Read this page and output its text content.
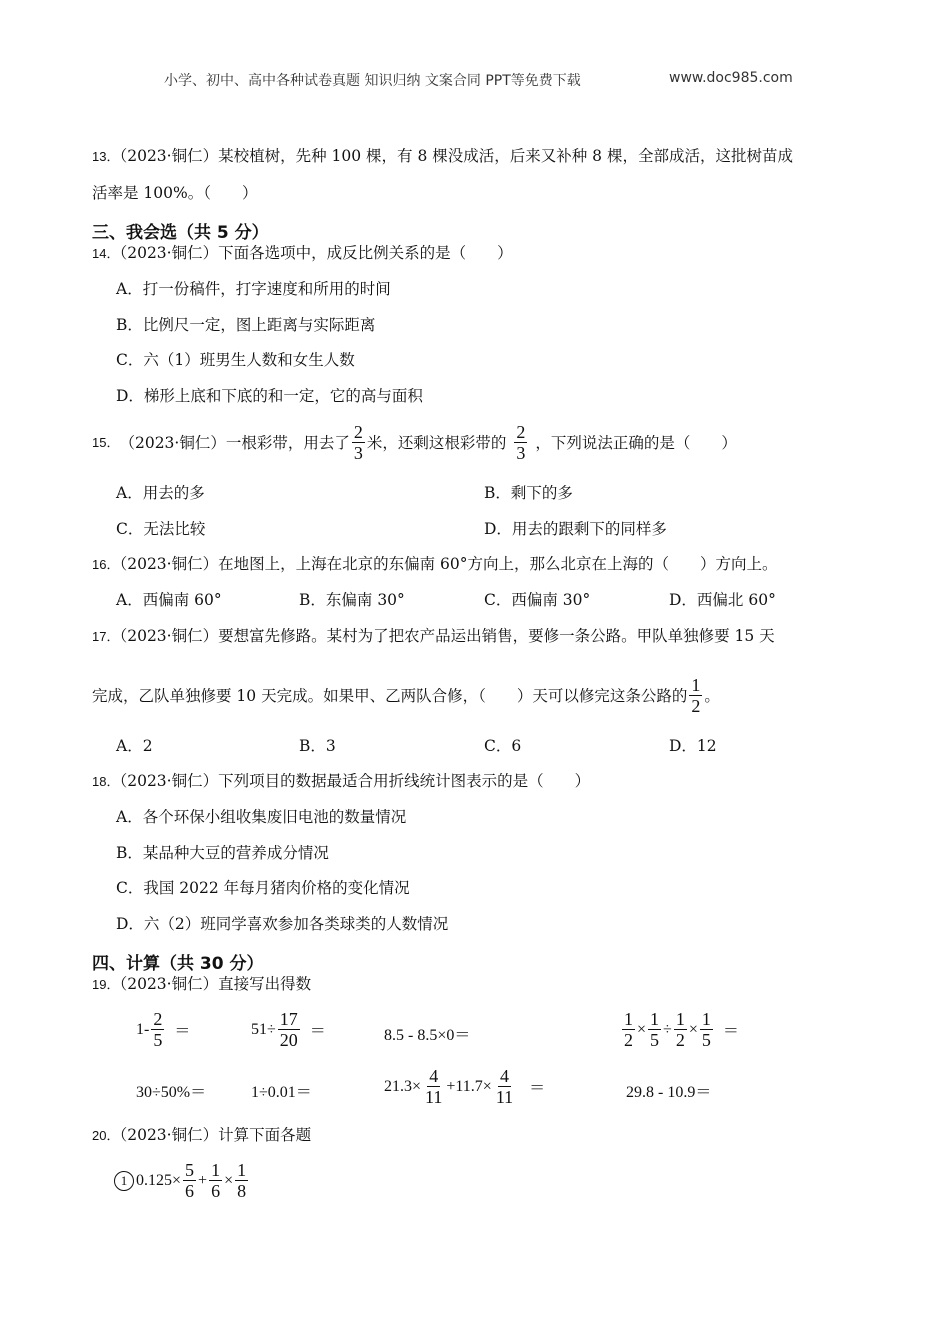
小学、初中、高中各种试卷真题 知识归纳 文案合同 PPT等免费下载	www.doc985.com
13．（2023·铜仁）某校植树，先种 100 棵，有 8 棵没成活，后来又补种 8 棵，全部成活，这批树苗成
活率是 100%。（　　）
三、我会选（共 5 分）
14．（2023·铜仁）下面各选项中，成反比例关系的是（　　）
A．打一份稿件，打字速度和所用的时间
B．比例尺一定，图上距离与实际距离
C．六（1）班男生人数和女生人数
D．梯形上底和下底的和一定，它的高与面积
15． （2023·铜仁）一根彩带，用去了 $\frac{2}{3}$ 米，还剩这根彩带的 $\frac{2}{3}$ ，下列说法正确的是（　　）
A．用去的多	B．剩下的多
C．无法比较	D．用去的跟剩下的同样多
16．（2023·铜仁）在地图上，上海在北京的东偏南 60°方向上，那么北京在上海的（　　）方向上。
A．西偏南 60°	B．东偏南 30°	C．西偏南 30°	D．西偏北 60°
17．（2023·铜仁）要想富先修路。某村为了把农产品运出销售，要修一条公路。甲队单独修要 15 天
完成，乙队单独修要 10 天完成。如果甲、乙两队合修，（　　）天可以修完这条公路的 $\frac{1}{2}$ 。
A．2	B．3	C．6	D．12
18．（2023·铜仁）下列项目的数据最适合用折线统计图表示的是（　　）
A．各个环保小组收集废旧电池的数量情况
B．某品种大豆的营养成分情况
C．我国 2022 年每月猪肉价格的变化情况
D．六（2）班同学喜欢参加各类球类的人数情况
四、计算（共 30 分）
19．（2023·铜仁）直接写出得数
$1- \frac{2}{5}$ ＝	$51\div \frac{17}{20}$ ＝	8.5 - 8.5×0＝	$\frac{1}{2} \times \frac{1}{5} \div \frac{1}{2} \times \frac{1}{5}$ ＝
30÷50%＝	1÷0.01＝	$21.3\times \frac{4}{11} +11.7\times \frac{4}{11}$ ＝	29.8 - 10.9＝
20．（2023·铜仁）计算下面各题
1 $0.125\times \frac{5}{6} + \frac{1}{6} \times \frac{1}{8}$
